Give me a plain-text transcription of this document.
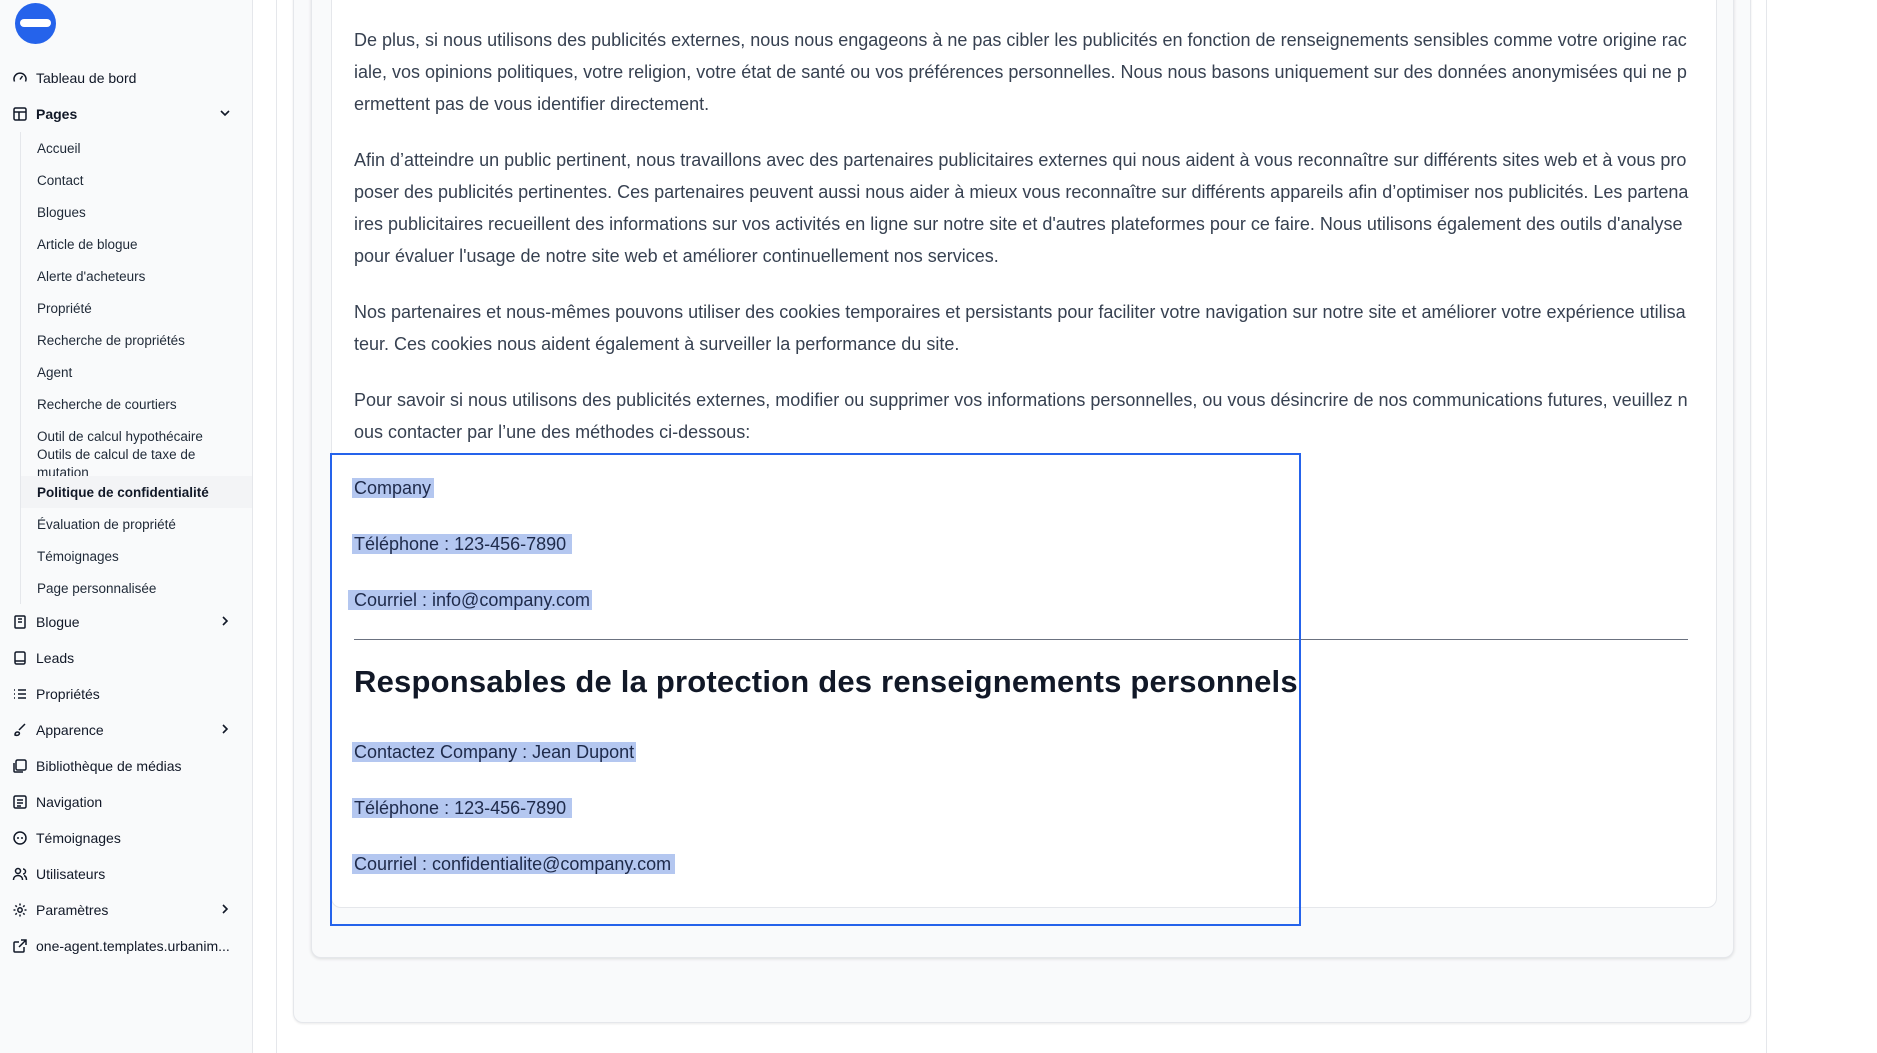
Tableau de bord
Pages
Accueil
Contact
Blogues
Article de blogue
Alerte d'acheteurs
Propriété
Recherche de propriétés
Agent
Recherche de courtiers
Outil de calcul hypothécaire
Outils de calcul de taxe de mutation
Politique de confidentialité
Évaluation de propriété
Témoignages
Page personnalisée
Blogue
Leads
Propriétés
Apparence
Bibliothèque de médias
Navigation
Témoignages
Utilisateurs
Paramètres
one-agent.templates.urbanim...

De plus, si nous utilisons des publicités externes, nous nous engageons à ne pas cibler les publicités en fonction de renseignements sensibles comme votre origine raciale, vos opinions politiques, votre religion, votre état de santé ou vos préférences personnelles. Nous nous basons uniquement sur des données anonymisées qui ne permettent pas de vous identifier directement.

Afin d’atteindre un public pertinent, nous travaillons avec des partenaires publicitaires externes qui nous aident à vous reconnaître sur différents sites web et à vous proposer des publicités pertinentes. Ces partenaires peuvent aussi nous aider à mieux vous reconnaître sur différents appareils afin d’optimiser nos publicités. Les partenaires publicitaires recueillent des informations sur vos activités en ligne sur notre site et d'autres plateformes pour ce faire. Nous utilisons également des outils d'analyse pour évaluer l'usage de notre site web et améliorer continuellement nos services.

Nos partenaires et nous-mêmes pouvons utiliser des cookies temporaires et persistants pour faciliter votre navigation sur notre site et améliorer votre expérience utilisateur. Ces cookies nous aident également à surveiller la performance du site.

Pour savoir si nous utilisons des publicités externes, modifier ou supprimer vos informations personnelles, ou vous désincrire de nos communications futures, veuillez nous contacter par l’une des méthodes ci-dessous:

Company
Téléphone : 123-456-7890
Courriel : info@company.com
Responsables de la protection des renseignements personnels
Contactez Company : Jean Dupont
Téléphone : 123-456-7890
Courriel : confidentialite@company.com
